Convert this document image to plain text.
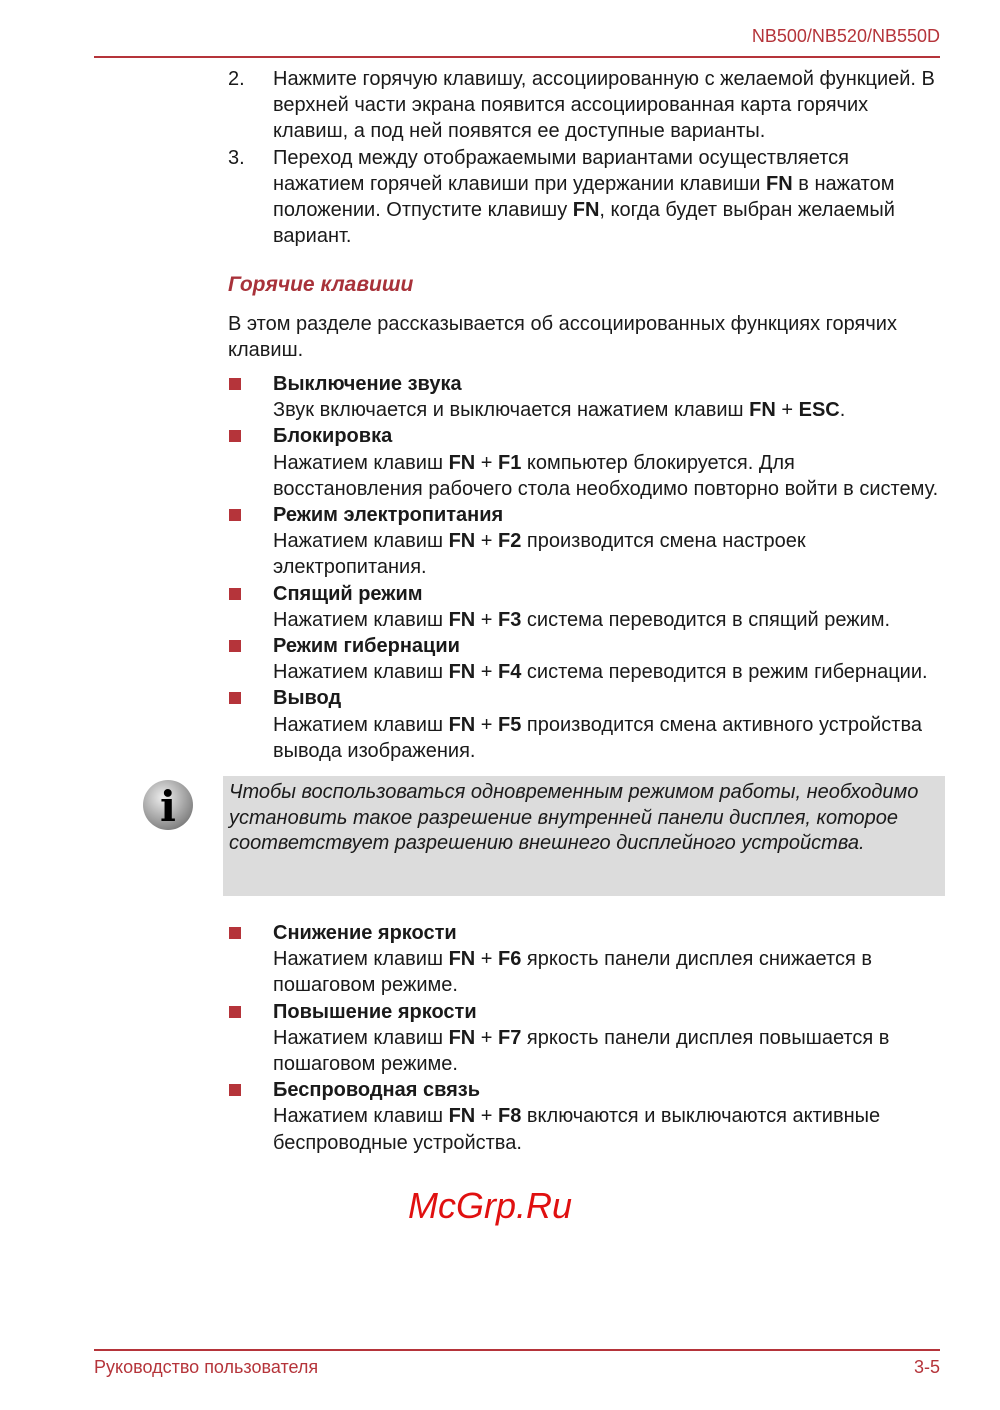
NB500/NB520/NB550D
2.	Нажмите горячую клавишу, ассоциированную с желаемой функцией. В верхней части экрана появится ассоциированная карта горячих клавиш, а под ней появятся ее доступные варианты.
3.	Переход между отображаемыми вариантами осуществляется нажатием горячей клавиши при удержании клавиши FN в нажатом положении. Отпустите клавишу FN, когда будет выбран желаемый вариант.
Горячие клавиши
В этом разделе рассказывается об ассоциированных функциях горячих клавиш.
Выключение звука
Звук включается и выключается нажатием клавиш FN + ESC.
Блокировка
Нажатием клавиш FN + F1 компьютер блокируется. Для восстановления рабочего стола необходимо повторно войти в систему.
Режим электропитания
Нажатием клавиш FN + F2 производится смена настроек электропитания.
Спящий режим
Нажатием клавиш FN + F3 система переводится в спящий режим.
Режим гибернации
Нажатием клавиш FN + F4 система переводится в режим гибернации.
Вывод
Нажатием клавиш FN + F5 производится смена активного устройства вывода изображения.
i	Чтобы воспользоваться одновременным режимом работы, необходимо установить такое разрешение внутренней панели дисплея, которое соответствует разрешению внешнего дисплейного устройства.

Снижение яркости
Нажатием клавиш FN + F6 яркость панели дисплея снижается в пошаговом режиме.
Повышение яркости
Нажатием клавиш FN + F7 яркость панели дисплея повышается в пошаговом режиме.
Беспроводная связь
Нажатием клавиш FN + F8 включаются и выключаются активные беспроводные устройства.
McGrp.Ru
Руководство пользователя	3-5
